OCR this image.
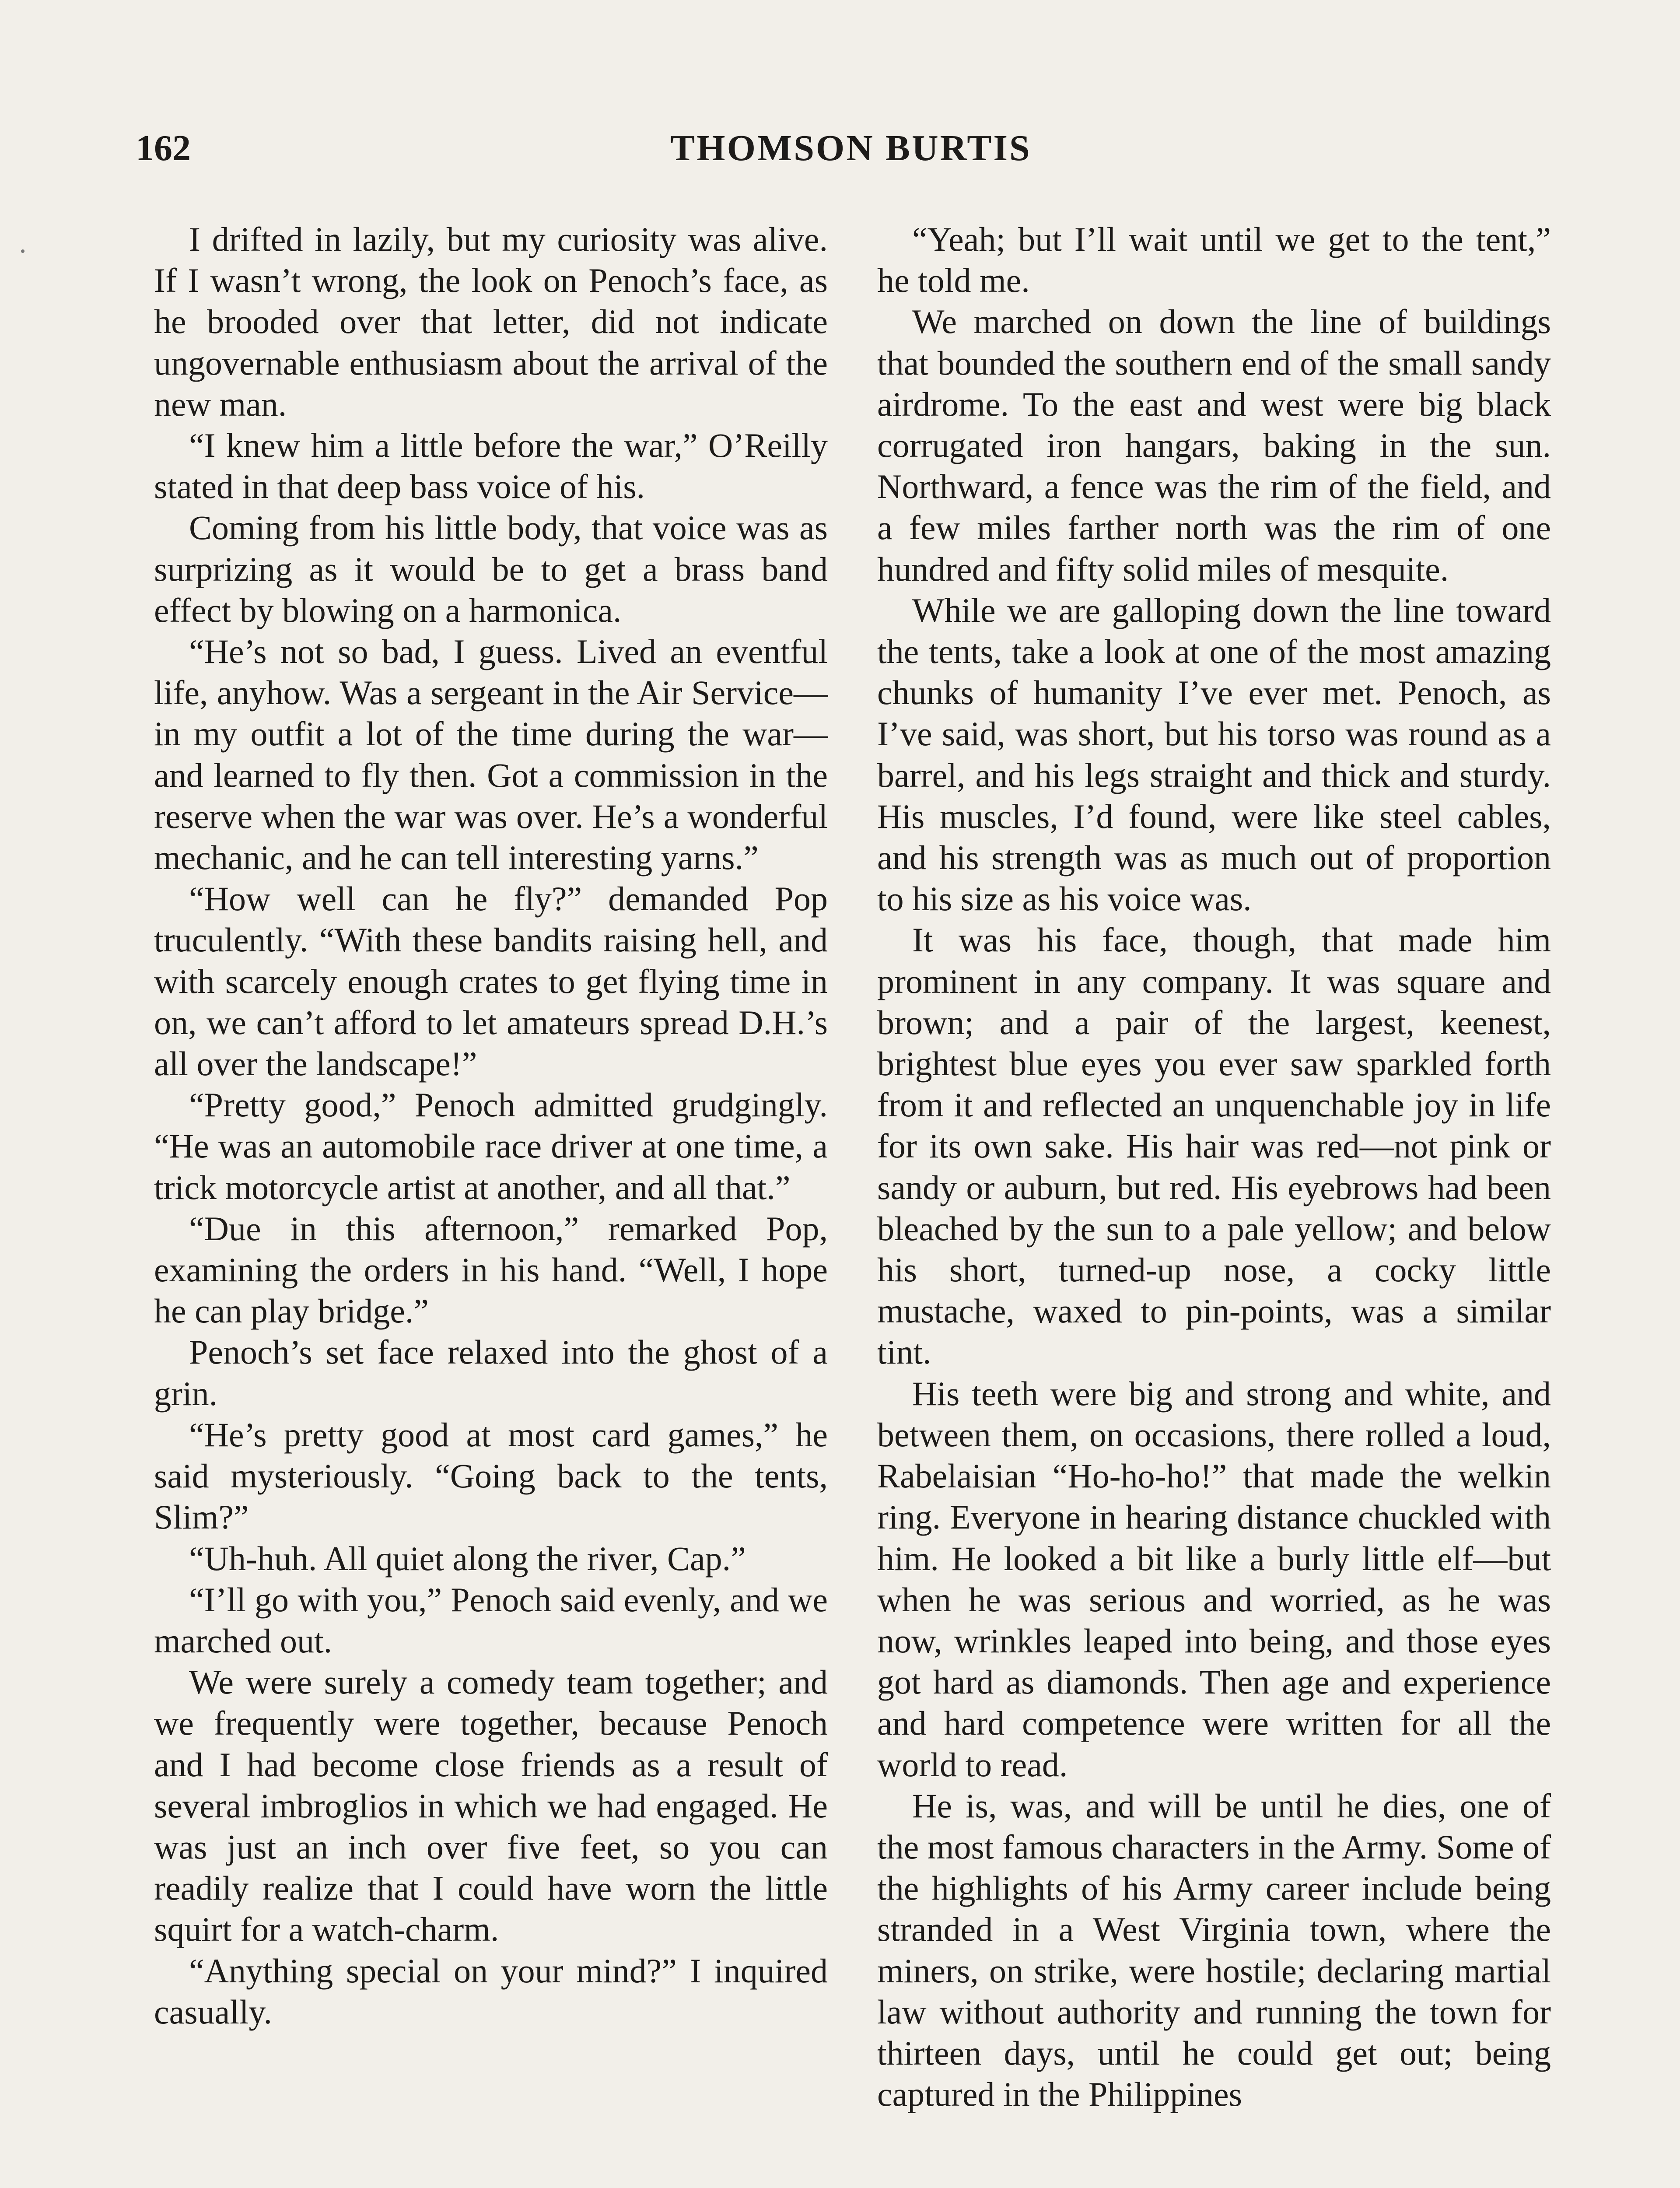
162	THOMSON BURTIS

I drifted in lazily, but my curiosity was alive. If I wasn’t wrong, the look on Penoch’s face, as he brooded over that letter, did not indicate ungovernable enthusiasm about the arrival of the new man.

“I knew him a little before the war,” O’Reilly stated in that deep bass voice of his.

Coming from his little body, that voice was as surprizing as it would be to get a brass band effect by blowing on a harmonica.

“He’s not so bad, I guess. Lived an eventful life, anyhow. Was a sergeant in the Air Service—in my outfit a lot of the time during the war—and learned to fly then. Got a commission in the reserve when the war was over. He’s a wonderful mechanic, and he can tell interesting yarns.”

“How well can he fly?” demanded Pop truculently. “With these bandits raising hell, and with scarcely enough crates to get flying time in on, we can’t afford to let amateurs spread D.H.’s all over the landscape!”

“Pretty good,” Penoch admitted grudgingly. “He was an automobile race driver at one time, a trick motorcycle artist at another, and all that.”

“Due in this afternoon,” remarked Pop, examining the orders in his hand. “Well, I hope he can play bridge.”

Penoch’s set face relaxed into the ghost of a grin.

“He’s pretty good at most card games,” he said mysteriously. “Going back to the tents, Slim?”

“Uh-huh. All quiet along the river, Cap.”

“I’ll go with you,” Penoch said evenly, and we marched out.

We were surely a comedy team together; and we frequently were together, because Penoch and I had become close friends as a result of several imbroglios in which we had engaged. He was just an inch over five feet, so you can readily realize that I could have worn the little squirt for a watch-charm.

“Anything special on your mind?” I inquired casually.

“Yeah; but I’ll wait until we get to the tent,” he told me.

We marched on down the line of buildings that bounded the southern end of the small sandy airdrome. To the east and west were big black corrugated iron hangars, baking in the sun. Northward, a fence was the rim of the field, and a few miles farther north was the rim of one hundred and fifty solid miles of mesquite.

While we are galloping down the line toward the tents, take a look at one of the most amazing chunks of humanity I’ve ever met. Penoch, as I’ve said, was short, but his torso was round as a barrel, and his legs straight and thick and sturdy. His muscles, I’d found, were like steel cables, and his strength was as much out of proportion to his size as his voice was.

It was his face, though, that made him prominent in any company. It was square and brown; and a pair of the largest, keenest, brightest blue eyes you ever saw sparkled forth from it and reflected an unquenchable joy in life for its own sake. His hair was red—not pink or sandy or auburn, but red. His eyebrows had been bleached by the sun to a pale yellow; and below his short, turned-up nose, a cocky little mustache, waxed to pin-points, was a similar tint.

His teeth were big and strong and white, and between them, on occasions, there rolled a loud, Rabelaisian “Ho-ho-ho!” that made the welkin ring. Everyone in hearing distance chuckled with him. He looked a bit like a burly little elf—but when he was serious and worried, as he was now, wrinkles leaped into being, and those eyes got hard as diamonds. Then age and experience and hard competence were written for all the world to read.

He is, was, and will be until he dies, one of the most famous characters in the Army. Some of the highlights of his Army career include being stranded in a West Virginia town, where the miners, on strike, were hostile; declaring martial law without authority and running the town for thirteen days, until he could get out; being captured in the Philippines
